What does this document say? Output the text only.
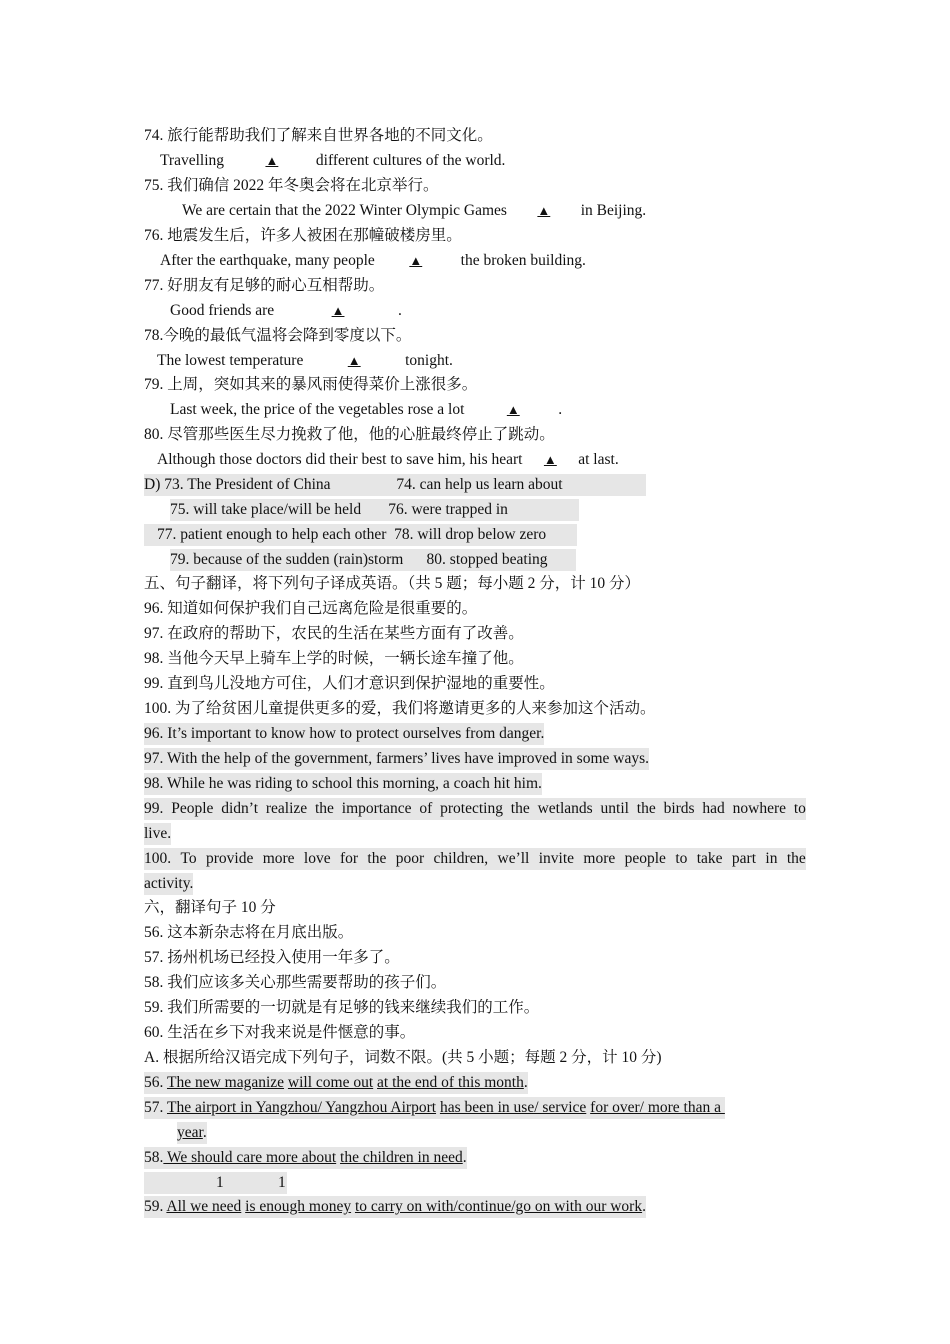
74. 旅行能帮助我们了解来自世界各地的不同文化。
Travelling	▲ different cultures of the world.
75. 我们确信 2022 年冬奥会将在北京举行。
We are certain that the 2022 Winter Olympic Games ▲ in Beijing.
76. 地震发生后，许多人被困在那幢破楼房里。
After the earthquake, many people	▲ the broken building.
77. 好朋友有足够的耐心互相帮助。
Good friends are	▲	.
78.今晚的最低气温将会降到零度以下。
The lowest temperature	▲	tonight.
79. 上周，突如其来的暴风雨使得菜价上涨很多。
Last week, the price of the vegetables rose a lot	▲ .
80. 尽管那些医生尽力挽救了他，他的心脏最终停止了跳动。
Although those doctors did their best to save him, his heart ▲ at last.
D) 73. The President of China                 74. can help us learn about
75. will take place/will be held       76. were trapped in
77. patient enough to help each other  78. will drop below zero
79. because of the sudden (rain)storm      80. stopped beating
五、句子翻译，将下列句子译成英语。（共 5 题；每小题 2 分，计 10 分）
96. 知道如何保护我们自己远离危险是很重要的。
97. 在政府的帮助下，农民的生活在某些方面有了改善。
98. 当他今天早上骑车上学的时候，一辆长途车撞了他。
99. 直到鸟儿没地方可住，人们才意识到保护湿地的重要性。
100. 为了给贫困儿童提供更多的爱，我们将邀请更多的人来参加这个活动。
96. It’s important to know how to protect ourselves from danger.
97. With the help of the government, farmers’ lives have improved in some ways.
98. While he was riding to school this morning, a coach hit him.
99. People didn’t realize the importance of protecting the wetlands until the birds had nowhere to
live.
100. To provide more love for the poor children, we’ll invite more people to take part in the
activity.
六，翻译句子 10 分
56. 这本新杂志将在月底出版。
57. 扬州机场已经投入使用一年多了。
58. 我们应该多关心那些需要帮助的孩子们。
59. 我们所需要的一切就是有足够的钱来继续我们的工作。
60. 生活在乡下对我来说是件惬意的事。
A. 根据所给汉语完成下列句子，词数不限。(共 5 小题；每题 2 分，计 10 分)
56. The new maganize will come out at the end of this month.
57. The airport in Yangzhou/ Yangzhou Airport has been in use/ service for over/ more than a
year.
58. We should care more about the children in need.
1	1
59. All we need is enough money to carry on with/continue/go on with our work.
